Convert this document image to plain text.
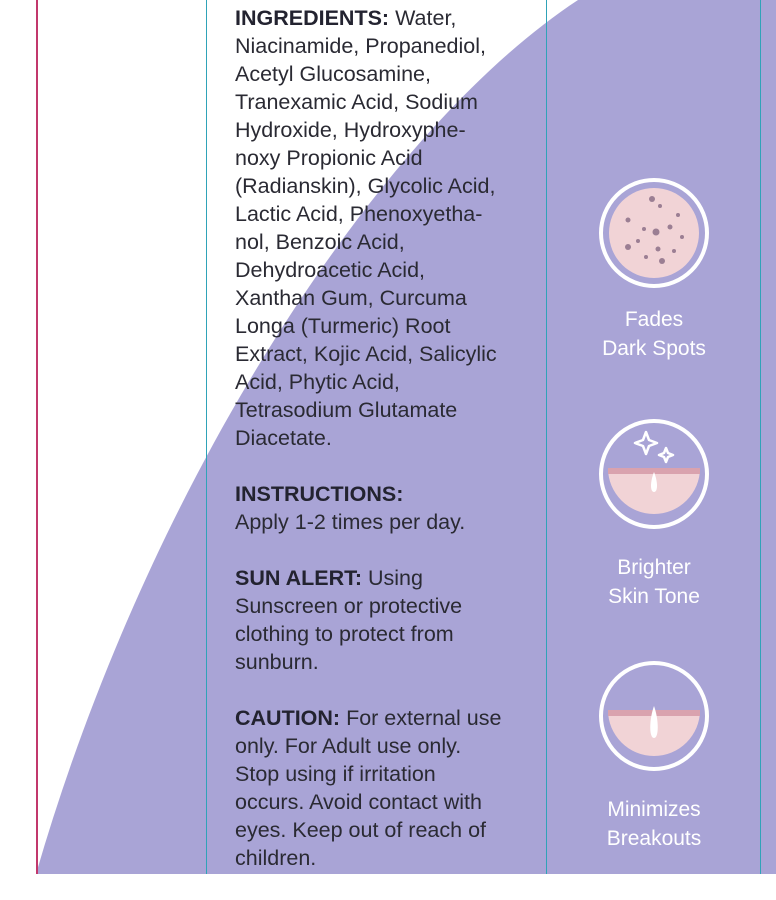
INGREDIENTS: Water,
Niacinamide, Propanediol,
Acetyl Glucosamine,
Tranexamic Acid, Sodium
Hydroxide, Hydroxyphe-
noxy Propionic Acid
(Radianskin), Glycolic Acid,
Lactic Acid, Phenoxyetha-
nol, Benzoic Acid,
Dehydroacetic Acid,
Xanthan Gum, Curcuma
Longa (Turmeric) Root
Extract, Kojic Acid, Salicylic
Acid, Phytic Acid,
Tetrasodium Glutamate
Diacetate.

INSTRUCTIONS:
Apply 1-2 times per day.

SUN ALERT: Using
Sunscreen or protective
clothing to protect from
sunburn.

CAUTION: For external use
only. For Adult use only.
Stop using if irritation
occurs. Avoid contact with
eyes. Keep out of reach of
children.

Fades
Dark Spots
Brighter
Skin Tone
Minimizes
Breakouts
